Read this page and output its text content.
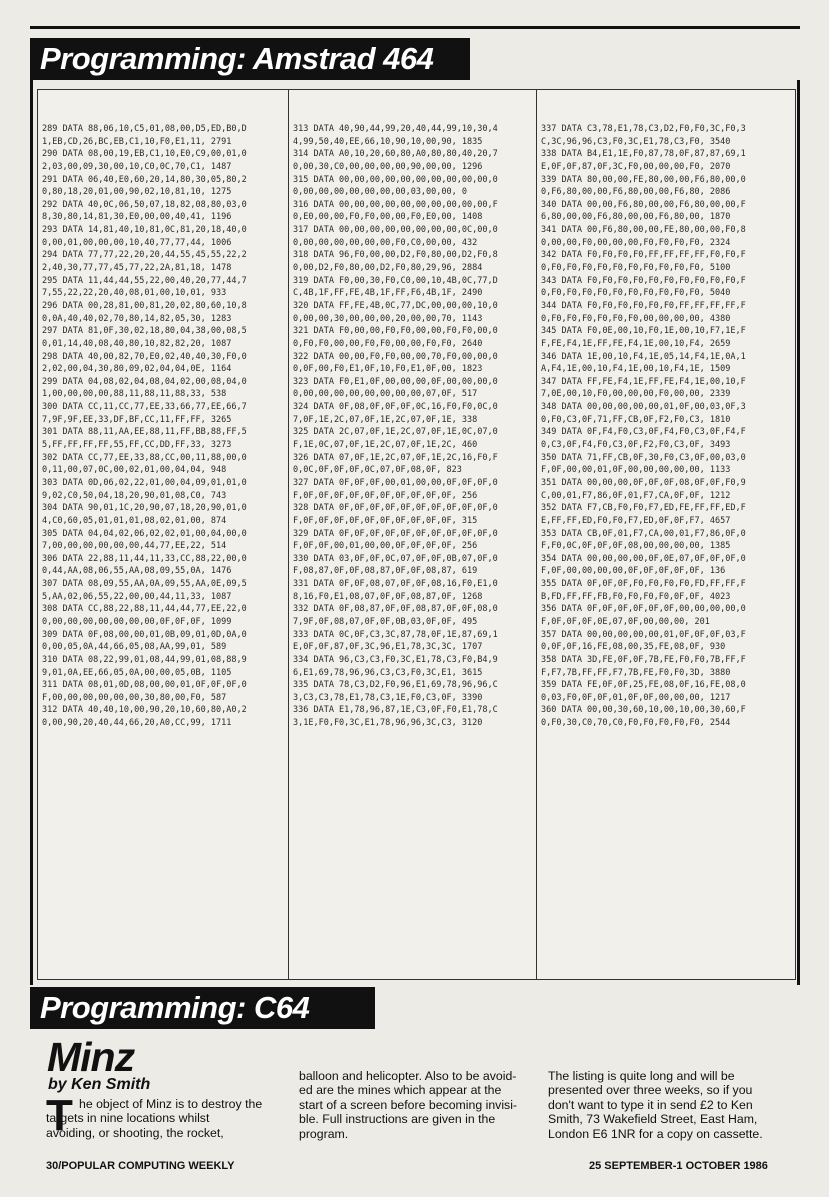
Programming: Amstrad 464
289 DATA 88,06,10,C5,01,08,00,D5,ED,B0,D
1,EB,CD,26,BC,EB,C1,10,F0,E1,11, 2791
290 DATA 08,00,19,EB,C1,10,E0,C9,00,01,0
2,03,00,09,30,00,10,C0,0C,70,C1, 1487
291 DATA 06,40,E0,60,20,14,80,30,05,80,2
0,80,18,20,01,00,90,02,10,81,10, 1275
292 DATA 40,0C,06,50,07,18,82,08,80,03,0
8,30,80,14,81,30,E0,00,00,40,41, 1196
293 DATA 14,81,40,10,81,0C,81,20,18,40,0
0,00,01,00,00,00,10,40,77,77,44, 1006
294 DATA 77,77,22,20,20,44,55,45,55,22,2
2,40,30,77,77,45,77,22,2A,81,18, 1478
295 DATA 11,44,44,55,22,00,40,20,77,44,7
7,55,22,22,20,40,08,01,00,10,01, 933
296 DATA 00,28,81,00,81,20,02,80,60,10,8
0,0A,40,40,02,70,80,14,82,05,30, 1283
297 DATA 81,0F,30,02,18,80,04,38,00,08,5
0,01,14,40,08,40,80,10,82,82,20, 1087
298 DATA 40,00,82,70,E0,02,40,40,30,F0,0
2,02,00,04,30,80,09,02,04,04,0E, 1164
299 DATA 04,08,02,04,08,04,02,00,08,04,0
1,00,00,00,00,88,11,88,11,88,33, 538
300 DATA CC,11,CC,77,EE,33,66,77,EE,66,7
7,9F,9F,EE,33,DF,BF,CC,11,FF,FF, 3265
301 DATA 88,11,AA,EE,88,11,FF,BB,88,FF,5
5,FF,FF,FF,FF,55,FF,CC,DD,FF,33, 3273
302 DATA CC,77,EE,33,88,CC,00,11,88,00,0
0,11,00,07,0C,00,02,01,00,04,04, 948
303 DATA 0D,06,02,22,01,00,04,09,01,01,0
9,02,C0,50,04,18,20,90,01,08,C0, 743
304 DATA 90,01,1C,20,90,07,18,20,90,01,0
4,C0,60,05,01,01,01,08,02,01,00, 874
305 DATA 04,04,02,06,02,02,01,00,04,00,0
7,00,00,00,00,00,00,44,77,EE,22, 514
306 DATA 22,88,11,44,11,33,CC,88,22,00,0
0,44,AA,08,06,55,AA,08,09,55,0A, 1476
307 DATA 08,09,55,AA,0A,09,55,AA,0E,09,5
5,AA,02,06,55,22,00,00,44,11,33, 1087
308 DATA CC,88,22,88,11,44,44,77,EE,22,0
0,00,00,00,00,00,00,00,0F,0F,0F, 1099
309 DATA 0F,08,00,00,01,0B,09,01,0D,0A,0
0,00,05,0A,44,66,05,08,AA,99,01, 589
310 DATA 08,22,99,01,08,44,99,01,08,88,9
9,01,0A,EE,66,05,0A,00,00,05,0B, 1105
311 DATA 08,01,0D,08,00,00,01,0F,0F,0F,0
F,00,00,00,00,00,00,30,80,00,F0, 587
312 DATA 40,40,10,00,90,20,10,60,80,A0,2
0,00,90,20,40,44,66,20,A0,CC,99, 1711
313 DATA 40,90,44,99,20,40,44,99,10,30,4
4,99,50,40,EE,66,10,90,10,00,90, 1835
314 DATA A0,10,20,60,80,A0,80,80,40,20,7
0,00,30,C0,00,00,00,00,90,00,00, 1296
315 DATA 00,00,00,00,00,00,00,00,00,00,0
0,00,00,00,00,00,00,00,03,00,00, 0
316 DATA 00,00,00,00,00,00,00,00,00,00,F
0,E0,00,00,F0,F0,00,00,F0,E0,00, 1408
317 DATA 00,00,00,00,00,00,00,00,0C,00,0
0,00,00,00,00,00,00,F0,C0,00,00, 432
318 DATA 96,F0,00,00,D2,F0,80,00,D2,F0,8
0,00,D2,F0,80,00,D2,F0,80,29,96, 2884
319 DATA F0,00,30,F0,C0,00,10,4B,0C,77,D
C,4B,1F,FF,FE,4B,1F,FF,F6,4B,1F, 2490
320 DATA FF,FE,4B,0C,77,DC,00,00,00,10,0
0,00,00,30,00,00,00,20,00,00,70, 1143
321 DATA F0,00,00,F0,F0,00,00,F0,F0,00,0
0,F0,F0,00,00,F0,F0,00,00,F0,F0, 2640
322 DATA 00,00,F0,F0,00,00,70,F0,00,00,0
0,0F,00,F0,E1,0F,10,F0,E1,0F,00, 1823
323 DATA F0,E1,0F,00,00,00,0F,00,00,00,0
0,00,00,00,00,00,00,00,00,07,0F, 517
324 DATA 0F,08,0F,0F,0F,0C,16,F0,F0,0C,0
7,0F,1E,2C,07,0F,1E,2C,07,0F,1E, 338
325 DATA 2C,07,0F,1E,2C,07,0F,1E,0C,07,0
F,1E,0C,07,0F,1E,2C,07,0F,1E,2C, 460
326 DATA 07,0F,1E,2C,07,0F,1E,2C,16,F0,F
0,0C,0F,0F,0F,0C,07,0F,08,0F, 823
327 DATA 0F,0F,0F,00,01,00,00,0F,0F,0F,0
F,0F,0F,0F,0F,0F,0F,0F,0F,0F,0F, 256
328 DATA 0F,0F,0F,0F,0F,0F,0F,0F,0F,0F,0
F,0F,0F,0F,0F,0F,0F,0F,0F,0F,0F, 315
329 DATA 0F,0F,0F,0F,0F,0F,0F,0F,0F,0F,0
F,0F,0F,00,01,00,00,0F,0F,0F,0F, 256
330 DATA 03,0F,0F,0C,07,0F,0F,0B,07,0F,0
F,08,87,0F,0F,08,87,0F,0F,08,87, 619
331 DATA 0F,0F,08,07,0F,0F,08,16,F0,E1,0
8,16,F0,E1,08,07,0F,0F,08,87,0F, 1268
332 DATA 0F,08,87,0F,0F,08,87,0F,0F,08,0
7,9F,0F,08,07,0F,0F,0B,03,0F,0F, 495
333 DATA 0C,0F,C3,3C,87,78,0F,1E,87,69,1
E,0F,0F,87,0F,3C,96,E1,78,3C,3C, 1707
334 DATA 96,C3,C3,F0,3C,E1,78,C3,F0,B4,9
6,E1,69,78,96,96,C3,C3,F0,3C,E1, 3615
335 DATA 78,C3,D2,F0,96,E1,69,78,96,96,C
3,C3,C3,78,E1,78,C3,1E,F0,C3,0F, 3390
336 DATA E1,78,96,87,1E,C3,0F,F0,E1,78,C
3,1E,F0,F0,3C,E1,78,96,96,3C,C3, 3120
337 DATA C3,78,E1,78,C3,D2,F0,F0,3C,F0,3
C,3C,96,96,C3,F0,3C,E1,78,C3,F0, 3540
338 DATA B4,E1,1E,F0,87,78,0F,87,87,69,1
E,0F,0F,87,0F,3C,F0,00,00,00,F0, 2070
339 DATA 80,00,00,FE,80,00,00,F6,80,00,0
0,F6,80,00,00,F6,80,00,00,F6,80, 2086
340 DATA 00,00,F6,80,00,00,F6,80,00,00,F
6,80,00,00,F6,80,00,00,F6,80,00, 1870
341 DATA 00,F6,80,00,00,FE,80,00,00,F0,8
0,00,00,F0,00,00,00,F0,F0,F0,F0, 2324
342 DATA F0,F0,F0,F0,FF,FF,FF,FF,F0,F0,F
0,F0,F0,F0,F0,F0,F0,F0,F0,F0,F0, 5100
343 DATA F0,F0,F0,F0,F0,F0,F0,F0,F0,F0,F
0,F0,F0,F0,F0,F0,F0,F0,F0,F0,F0, 5040
344 DATA F0,F0,F0,F0,F0,F0,FF,FF,FF,FF,F
0,F0,F0,F0,F0,F0,F0,00,00,00,00, 4380
345 DATA F0,0E,00,10,F0,1E,00,10,F7,1E,F
F,FE,F4,1E,FF,FE,F4,1E,00,10,F4, 2659
346 DATA 1E,00,10,F4,1E,05,14,F4,1E,0A,1
A,F4,1E,00,10,F4,1E,00,10,F4,1E, 1509
347 DATA FF,FE,F4,1E,FF,FE,F4,1E,00,10,F
7,0E,00,10,F0,00,00,00,F0,00,00, 2339
348 DATA 00,00,00,00,00,01,0F,00,03,0F,3
0,F0,C3,0F,71,FF,CB,0F,F2,F0,C3, 1810
349 DATA 0F,F4,F0,C3,0F,F4,F0,C3,0F,F4,F
0,C3,0F,F4,F0,C3,0F,F2,F0,C3,0F, 3493
350 DATA 71,FF,CB,0F,30,F0,C3,0F,00,03,0
F,0F,00,00,01,0F,00,00,00,00,00, 1133
351 DATA 00,00,00,0F,0F,0F,08,0F,0F,F0,9
C,00,01,F7,86,0F,01,F7,CA,0F,0F, 1212
352 DATA F7,CB,F0,F0,F7,ED,FE,FF,FF,ED,F
E,FF,FF,ED,F0,F0,F7,ED,0F,0F,F7, 4657
353 DATA CB,0F,01,F7,CA,00,01,F7,86,0F,0
F,F0,0C,0F,0F,0F,08,00,00,00,00, 1385
354 DATA 00,00,00,00,0F,0E,07,0F,0F,0F,0
F,0F,00,00,00,00,0F,0F,0F,0F,0F, 136
355 DATA 0F,0F,0F,F0,F0,F0,F0,FD,FF,FF,F
B,FD,FF,FF,FB,F0,F0,F0,F0,0F,0F, 4023
356 DATA 0F,0F,0F,0F,0F,0F,00,00,00,00,0
F,0F,0F,0F,0E,07,0F,00,00,00, 201
357 DATA 00,00,00,00,00,01,0F,0F,0F,03,F
0,0F,0F,16,FE,08,00,35,FE,08,0F, 930
358 DATA 3D,FE,0F,0F,7B,FE,F0,F0,7B,FF,F
F,F7,7B,FF,FF,F7,7B,FE,F0,F0,3D, 3880
359 DATA FE,0F,0F,25,FE,08,0F,16,FE,08,0
0,03,F0,0F,0F,01,0F,0F,00,00,00, 1217
360 DATA 00,00,30,60,10,00,10,00,30,60,F
0,F0,30,C0,70,C0,F0,F0,F0,F0,F0, 2544
Programming: C64
Minz
by Ken Smith
T he object of Minz is to destroy the
targets in nine locations whilst
avoiding, or shooting, the rocket,
balloon and helicopter. Also to be avoid-
ed are the mines which appear at the
start of a screen before becoming invisi-
ble. Full instructions are given in the
program.
The listing is quite long and will be
presented over three weeks, so if you
don't want to type it in send £2 to Ken
Smith, 73 Wakefield Street, East Ham,
London E6 1NR for a copy on cassette.
30/POPULAR COMPUTING WEEKLY	25 SEPTEMBER-1 OCTOBER 1986
